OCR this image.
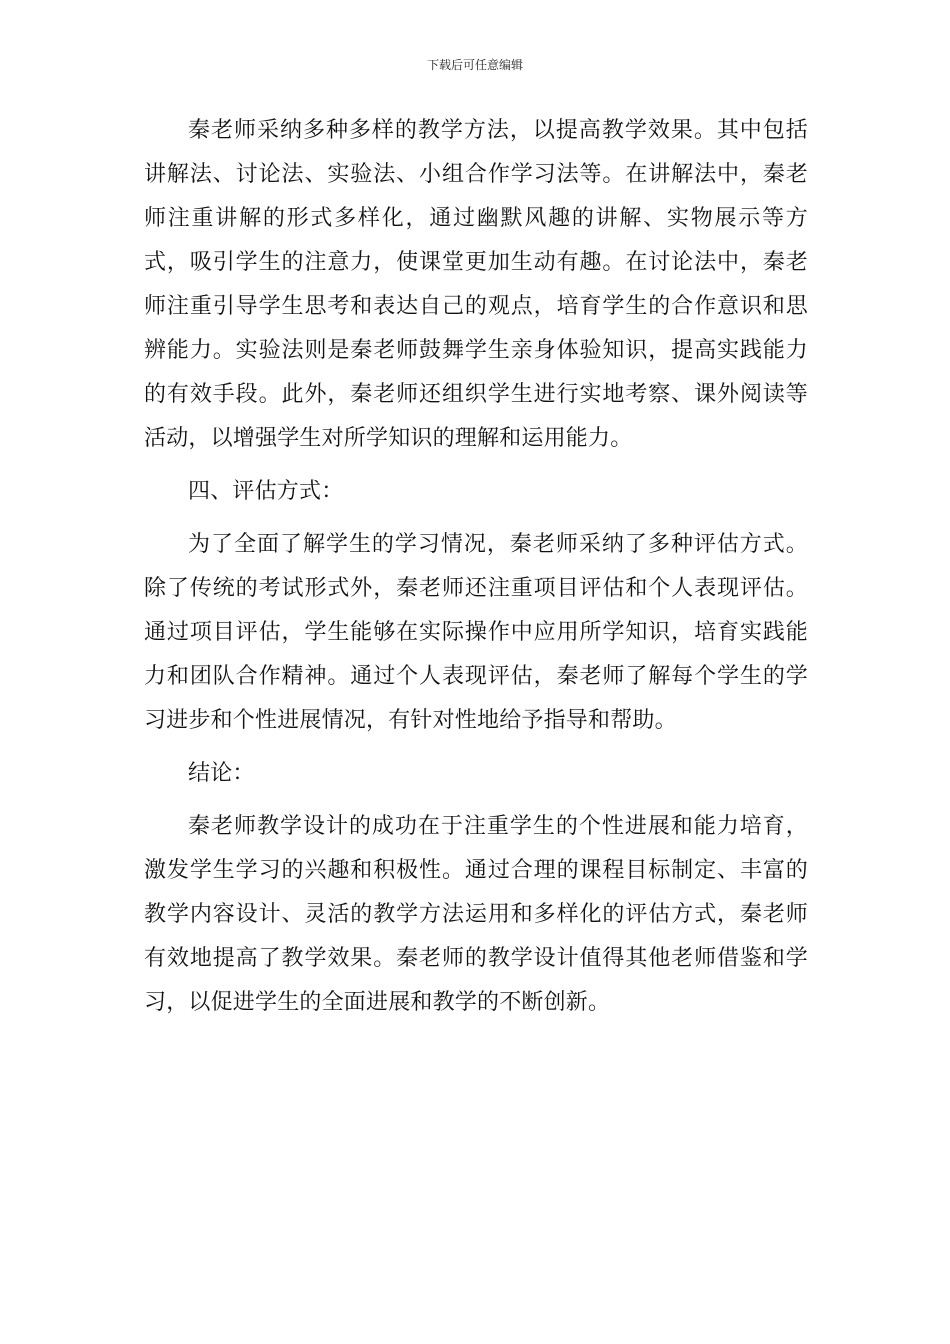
下载后可任意编辑

秦老师采纳多种多样的教学方法，以提高教学效果。其中包括讲解法、讨论法、实验法、小组合作学习法等。在讲解法中，秦老师注重讲解的形式多样化，通过幽默风趣的讲解、实物展示等方式，吸引学生的注意力，使课堂更加生动有趣。在讨论法中，秦老师注重引导学生思考和表达自己的观点，培育学生的合作意识和思辨能力。实验法则是秦老师鼓舞学生亲身体验知识，提高实践能力的有效手段。此外，秦老师还组织学生进行实地考察、课外阅读等活动，以增强学生对所学知识的理解和运用能力。

四、评估方式：

为了全面了解学生的学习情况，秦老师采纳了多种评估方式。除了传统的考试形式外，秦老师还注重项目评估和个人表现评估。通过项目评估，学生能够在实际操作中应用所学知识，培育实践能力和团队合作精神。通过个人表现评估，秦老师了解每个学生的学习进步和个性进展情况，有针对性地给予指导和帮助。

结论：

秦老师教学设计的成功在于注重学生的个性进展和能力培育，激发学生学习的兴趣和积极性。通过合理的课程目标制定、丰富的教学内容设计、灵活的教学方法运用和多样化的评估方式，秦老师有效地提高了教学效果。秦老师的教学设计值得其他老师借鉴和学习，以促进学生的全面进展和教学的不断创新。
